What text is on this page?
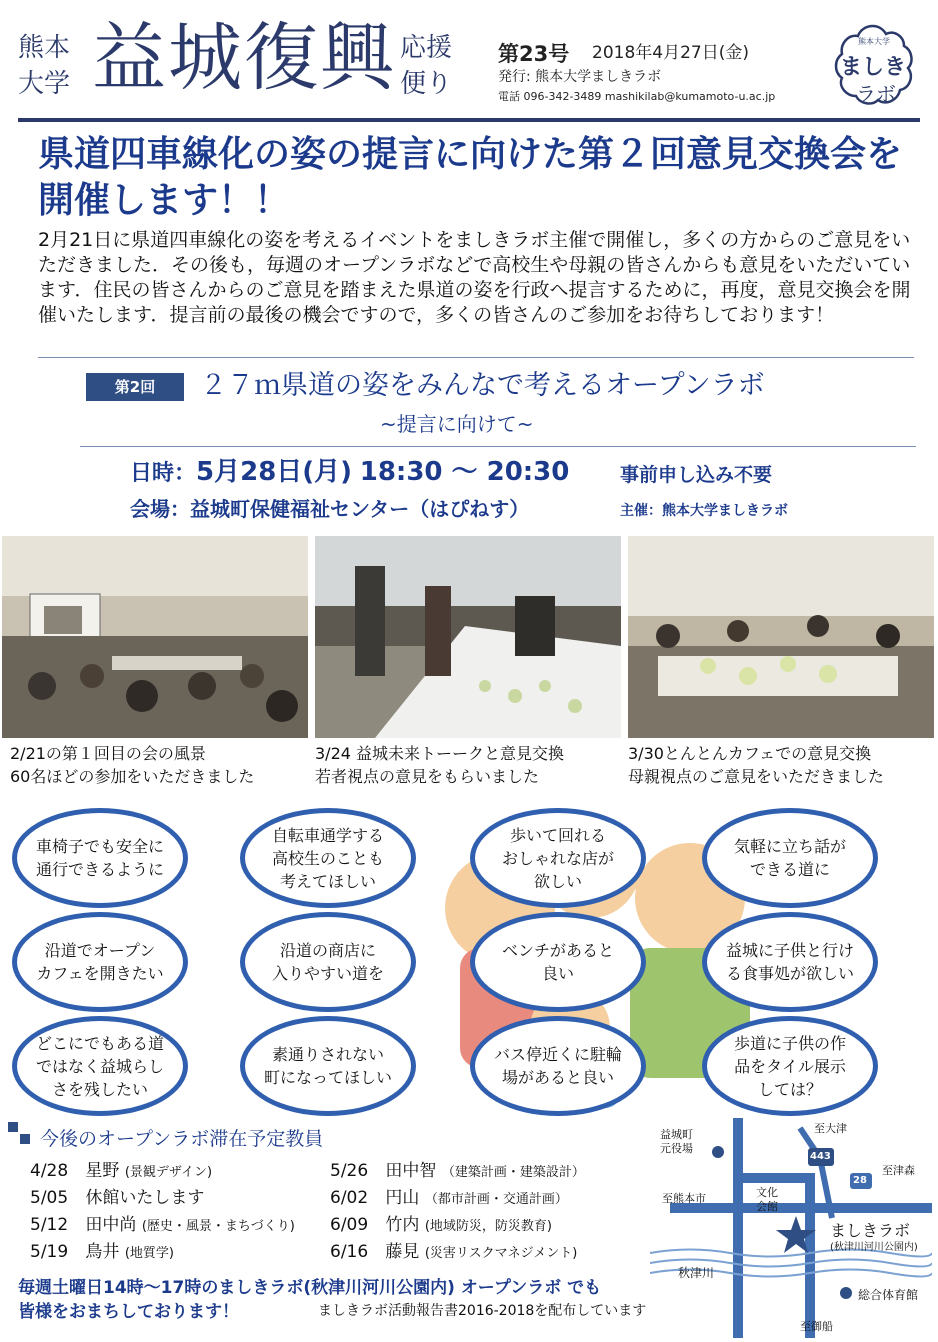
熊本大学 益城復興 応援便り
第23号 2018年4月27日(金)
発行: 熊本大学ましきラボ
電話 096-342-3489 mashikilab@kumamoto-u.ac.jp
熊本大学
ましき
ラボ
県道四車線化の姿の提言に向けた第２回意見交換会を開催します！！
2月21日に県道四車線化の姿を考えるイベントをましきラボ主催で開催し，多くの方からのご意見をいただきました．その後も，毎週のオープンラボなどで高校生や母親の皆さんからも意見をいただいています．住民の皆さんからのご意見を踏まえた県道の姿を行政へ提言するために，再度，意見交換会を開催いたします．提言前の最後の機会ですので，多くの皆さんのご参加をお待ちしております！
第2回	２７ｍ県道の姿をみんなで考えるオープンラボ
~提言に向けて~
日時：5月28日(月) 18:30 ～ 20:30	事前申し込み不要
会場：益城町保健福祉センター（はぴねす）	主催：熊本大学ましきラボ
2/21の第１回目の会の風景
60名ほどの参加をいただきました
3/24 益城未来トーークと意見交換
若者視点の意見をもらいました
3/30とんとんカフェでの意見交換
母親視点のご意見をいただきました
車椅子でも安全に
通行できるように
自転車通学する
高校生のことも
考えてほしい
歩いて回れる
おしゃれな店が
欲しい
気軽に立ち話が
できる道に
沿道でオープン
カフェを開きたい
沿道の商店に
入りやすい道を
ベンチがあると
良い
益城に子供と行け
る食事処が欲しい
どこにでもある道
ではなく益城らし
さを残したい
素通りされない
町になってほしい
バス停近くに駐輪
場があると良い
歩道に子供の作
品をタイル展示
しては？
今後のオープンラボ滞在予定教員
4/28 星野 (景観デザイン)
5/05 休館いたします
5/12 田中尚 (歴史・風景・まちづくり)
5/19 鳥井 (地質学)
5/26 田中智 （建築計画・建築設計）
6/02 円山 （都市計画・交通計画）
6/09 竹内 (地域防災，防災教育)
6/16 藤見 (災害リスクマネジメント)
毎週土曜日14時～17時のましきラボ(秋津川河川公園内) オープンラボ でも
皆様をおまちしております！	ましきラボ活動報告書2016-2018を配布しています
益城町
元役場
至大津
443
28
至津森
至熊本市	文化
会館
ましきラボ
(秋津川河川公園内)
秋津川
総合体育館
至御船
